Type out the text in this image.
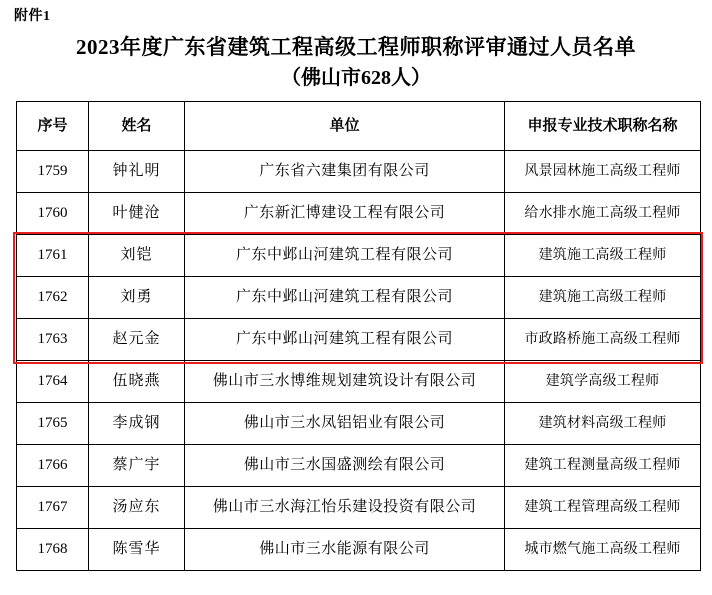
附件1
2023年度广东省建筑工程高级工程师职称评审通过人员名单
（佛山市628人）
序号	姓名	单位	申报专业技术职称名称
1759	钟礼明	广东省六建集团有限公司	风景园林施工高级工程师
1760	叶健沧	广东新汇博建设工程有限公司	给水排水施工高级工程师
1761	刘铠	广东中邺山河建筑工程有限公司	建筑施工高级工程师
1762	刘勇	广东中邺山河建筑工程有限公司	建筑施工高级工程师
1763	赵元金	广东中邺山河建筑工程有限公司	市政路桥施工高级工程师
1764	伍晓燕	佛山市三水博维规划建筑设计有限公司	建筑学高级工程师
1765	李成钢	佛山市三水凤铝铝业有限公司	建筑材料高级工程师
1766	蔡广宇	佛山市三水国盛测绘有限公司	建筑工程测量高级工程师
1767	汤应东	佛山市三水海江怡乐建设投资有限公司	建筑工程管理高级工程师
1768	陈雪华	佛山市三水能源有限公司	城市燃气施工高级工程师
